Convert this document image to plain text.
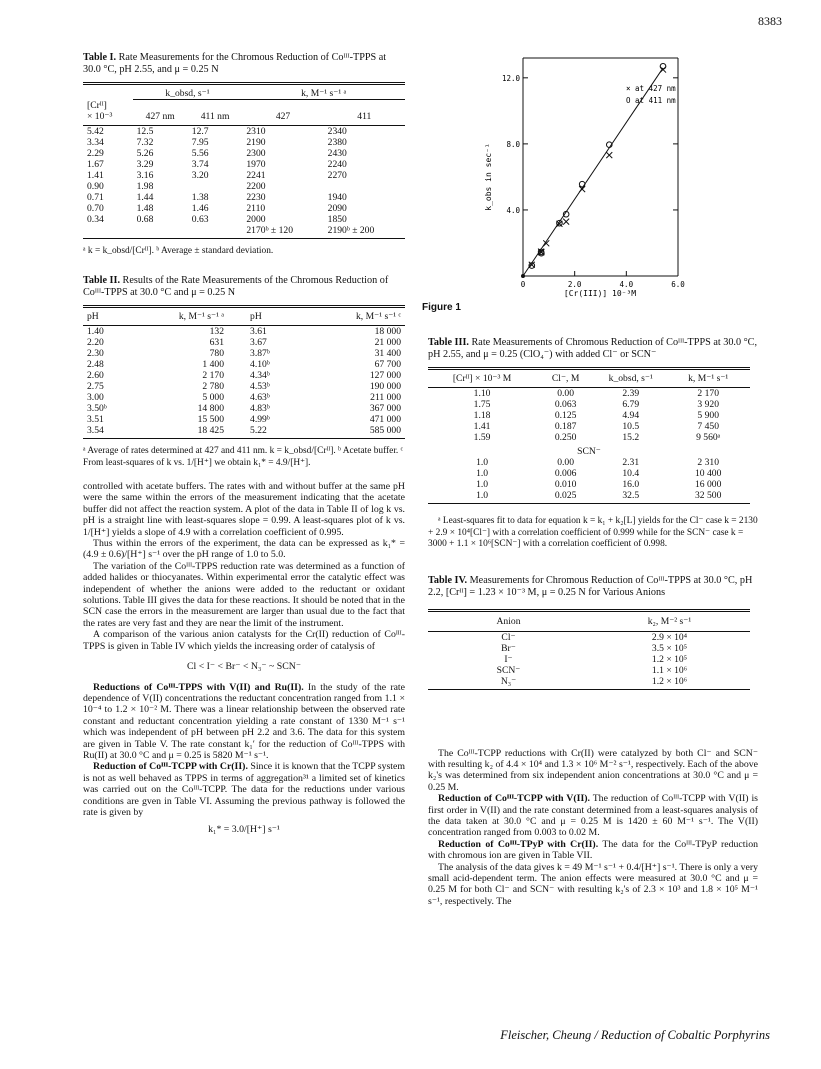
8383
Table I. Rate Measurements for the Chromous Reduction of Coᴵᴵᴵ-TPPS at 30.0 °C, pH 2.55, and μ = 0.25 N

	k_obsd, s⁻¹		k, M⁻¹ s⁻¹ ᵃ	
[Crᴵᴵ]				
× 10⁻³	427 nm	411 nm	427	411
5.42	12.5	12.7	2310	2340
3.34	7.32	7.95	2190	2380
2.29	5.26	5.56	2300	2430
1.67	3.29	3.74	1970	2240
1.41	3.16	3.20	2241	2270
0.90	1.98		2200	
0.71	1.44	1.38	2230	1940
0.70	1.48	1.46	2110	2090
0.34	0.68	0.63	2000	1850
			2170ᵇ ± 120	2190ᵇ ± 200
ᵃ k = k_obsd/[Crᴵᴵ]. ᵇ Average ± standard deviation.
Table II. Results of the Rate Measurements of the Chromous Reduction of Coᴵᴵᴵ-TPPS at 30.0 °C and μ = 0.25 N
pH	k, M⁻¹ s⁻¹ ᵃ	pH	k, M⁻¹ s⁻¹ ᶜ
1.40	132	3.61	18 000
2.20	631	3.67	21 000
2.30	780	3.87ᵇ	31 400
2.48	1 400	4.10ᵇ	67 700
2.60	2 170	4.34ᵇ	127 000
2.75	2 780	4.53ᵇ	190 000
3.00	5 000	4.63ᵇ	211 000
3.50ᵇ	14 800	4.83ᵇ	367 000
3.51	15 500	4.99ᵇ	471 000
3.54	18 425	5.22	585 000
ᵃ Average of rates determined at 427 and 411 nm. k = k_obsd/[Crᴵᴵ]. ᵇ Acetate buffer. ᶜ From least-squares of k vs. 1/[H⁺] we obtain k₁* = 4.9/[H⁺].

controlled with acetate buffers. The rates with and without buffer at the same pH were the same within the errors of the measurement indicating that the acetate buffer did not affect the reaction system. A plot of the data in Table II of log k vs. pH is a straight line with least-squares slope = 0.99. A least-squares plot of k vs. 1/[H⁺] yields a slope of 4.9 with a correlation coefficient of 0.995.

Thus within the errors of the experiment, the data can be expressed as k₁* = (4.9 ± 0.6)/[H⁺] s⁻¹ over the pH range of 1.0 to 5.0.

The variation of the Coᴵᴵᴵ-TPPS reduction rate was determined as a function of added halides or thiocyanates. Within experimental error the catalytic effect was independent of whether the anions were added to the reductant or oxidant solutions. Table III gives the data for these reactions. It should be noted that in the SCN case the errors in the measurement are larger than usual due to the fact that the rates are very fast and they are near the limit of the instrument.

A comparison of the various anion catalysts for the Cr(II) reduction of Coᴵᴵᴵ-TPPS is given in Table IV which yields the increasing order of catalysis of

Cl < I⁻ < Br⁻ < N₃⁻ ~ SCN⁻

Reductions of Coᴵᴵᴵ-TPPS with V(II) and Ru(II). In the study of the rate dependence of V(II) concentrations the reductant concentration ranged from 1.1 × 10⁻⁴ to 1.2 × 10⁻² M. There was a linear relationship between the observed rate constant and reductant concentration yielding a rate constant of 1330 M⁻¹ s⁻¹ which was independent of pH between pH 2.2 and 3.6. The data for this system are given in Table V. The rate constant k₁′ for the reduction of Coᴵᴵᴵ-TPPS with Ru(II) at 30.0 °C and μ = 0.25 is 5820 M⁻¹ s⁻¹.

Reduction of Coᴵᴵᴵ-TCPP with Cr(II). Since it is known that the TCPP system is not as well behaved as TPPS in terms of aggregation³¹ a limited set of kinetics was carried out on the Coᴵᴵᴵ-TCPP. The data for the reductions under various conditions are gven in Table VI. Assuming the previous pathway is followed the rate is given by

k₁* = 3.0/[H⁺] s⁻¹
k_obs in sec⁻¹
[Cr(III)] 10⁻³M
× at 427 nm
O at 411 nm
12.0
8.0
4.0
0	2.0	4.0	6.0
Figure 1
Table III. Rate Measurements of Chromous Reduction of Coᴵᴵᴵ-TPPS at 30.0 °C, pH 2.55, and μ = 0.25 (ClO₄⁻) with added Cl⁻ or SCN⁻
[Crᴵᴵ] × 10⁻³ M	Cl⁻, M	k_obsd, s⁻¹	k, M⁻¹ s⁻¹
1.10	0.00	2.39	2 170
1.75	0.063	6.79	3 920
1.18	0.125	4.94	5 900
1.41	0.187	10.5	7 450
1.59	0.250	15.2	9 560ᵃ
SCN⁻			
1.0	0.00	2.31	2 310
1.0	0.006	10.4	10 400
1.0	0.010	16.0	16 000
1.0	0.025	32.5	32 500
ᵃ Least-squares fit to data for equation k = k₁ + k₂[L] yields for the Cl⁻ case k = 2130 + 2.9 × 10⁴[Cl⁻] with a correlation coefficient of 0.999 while for the SCN⁻ case k = 3000 + 1.1 × 10⁶[SCN⁻] with a correlation coefficient of 0.998.
Table IV. Measurements for Chromous Reduction of Coᴵᴵᴵ-TPPS at 30.0 °C, pH 2.2, [Crᴵᴵ] = 1.23 × 10⁻³ M, μ = 0.25 N for Various Anions
Anion	k₂, M⁻² s⁻¹
Cl⁻	2.9 × 10⁴
Br⁻	3.5 × 10⁵
I⁻	1.2 × 10⁵
SCN⁻	1.1 × 10⁶
N₃⁻	1.2 × 10⁶

The Coᴵᴵᴵ-TCPP reductions with Cr(II) were catalyzed by both Cl⁻ and SCN⁻ with resulting k₂ of 4.4 × 10⁴ and 1.3 × 10⁶ M⁻² s⁻¹, respectively. Each of the above k₂'s was determined from six independent anion concentrations at 30.0 °C and μ = 0.25 M.

Reduction of Coᴵᴵᴵ-TCPP with V(II). The reduction of Coᴵᴵᴵ-TCPP with V(II) is first order in V(II) and the rate constant determined from a least-squares analysis of the data taken at 30.0 °C and μ = 0.25 M is 1420 ± 60 M⁻¹ s⁻¹. The V(II) concentration ranged from 0.003 to 0.02 M.

Reduction of Coᴵᴵᴵ-TPyP with Cr(II). The data for the Coᴵᴵᴵ-TPyP reduction with chromous ion are given in Table VII.

The analysis of the data gives k = 49 M⁻¹ s⁻¹ + 0.4/[H⁺] s⁻¹. There is only a very small acid-dependent term. The anion effects were measured at 30.0 °C and μ = 0.25 M for both Cl⁻ and SCN⁻ with resulting k₂'s of 2.3 × 10³ and 1.8 × 10⁵ M⁻¹ s⁻¹, respectively. The

Fleischer, Cheung / Reduction of Cobaltic Porphyrins
